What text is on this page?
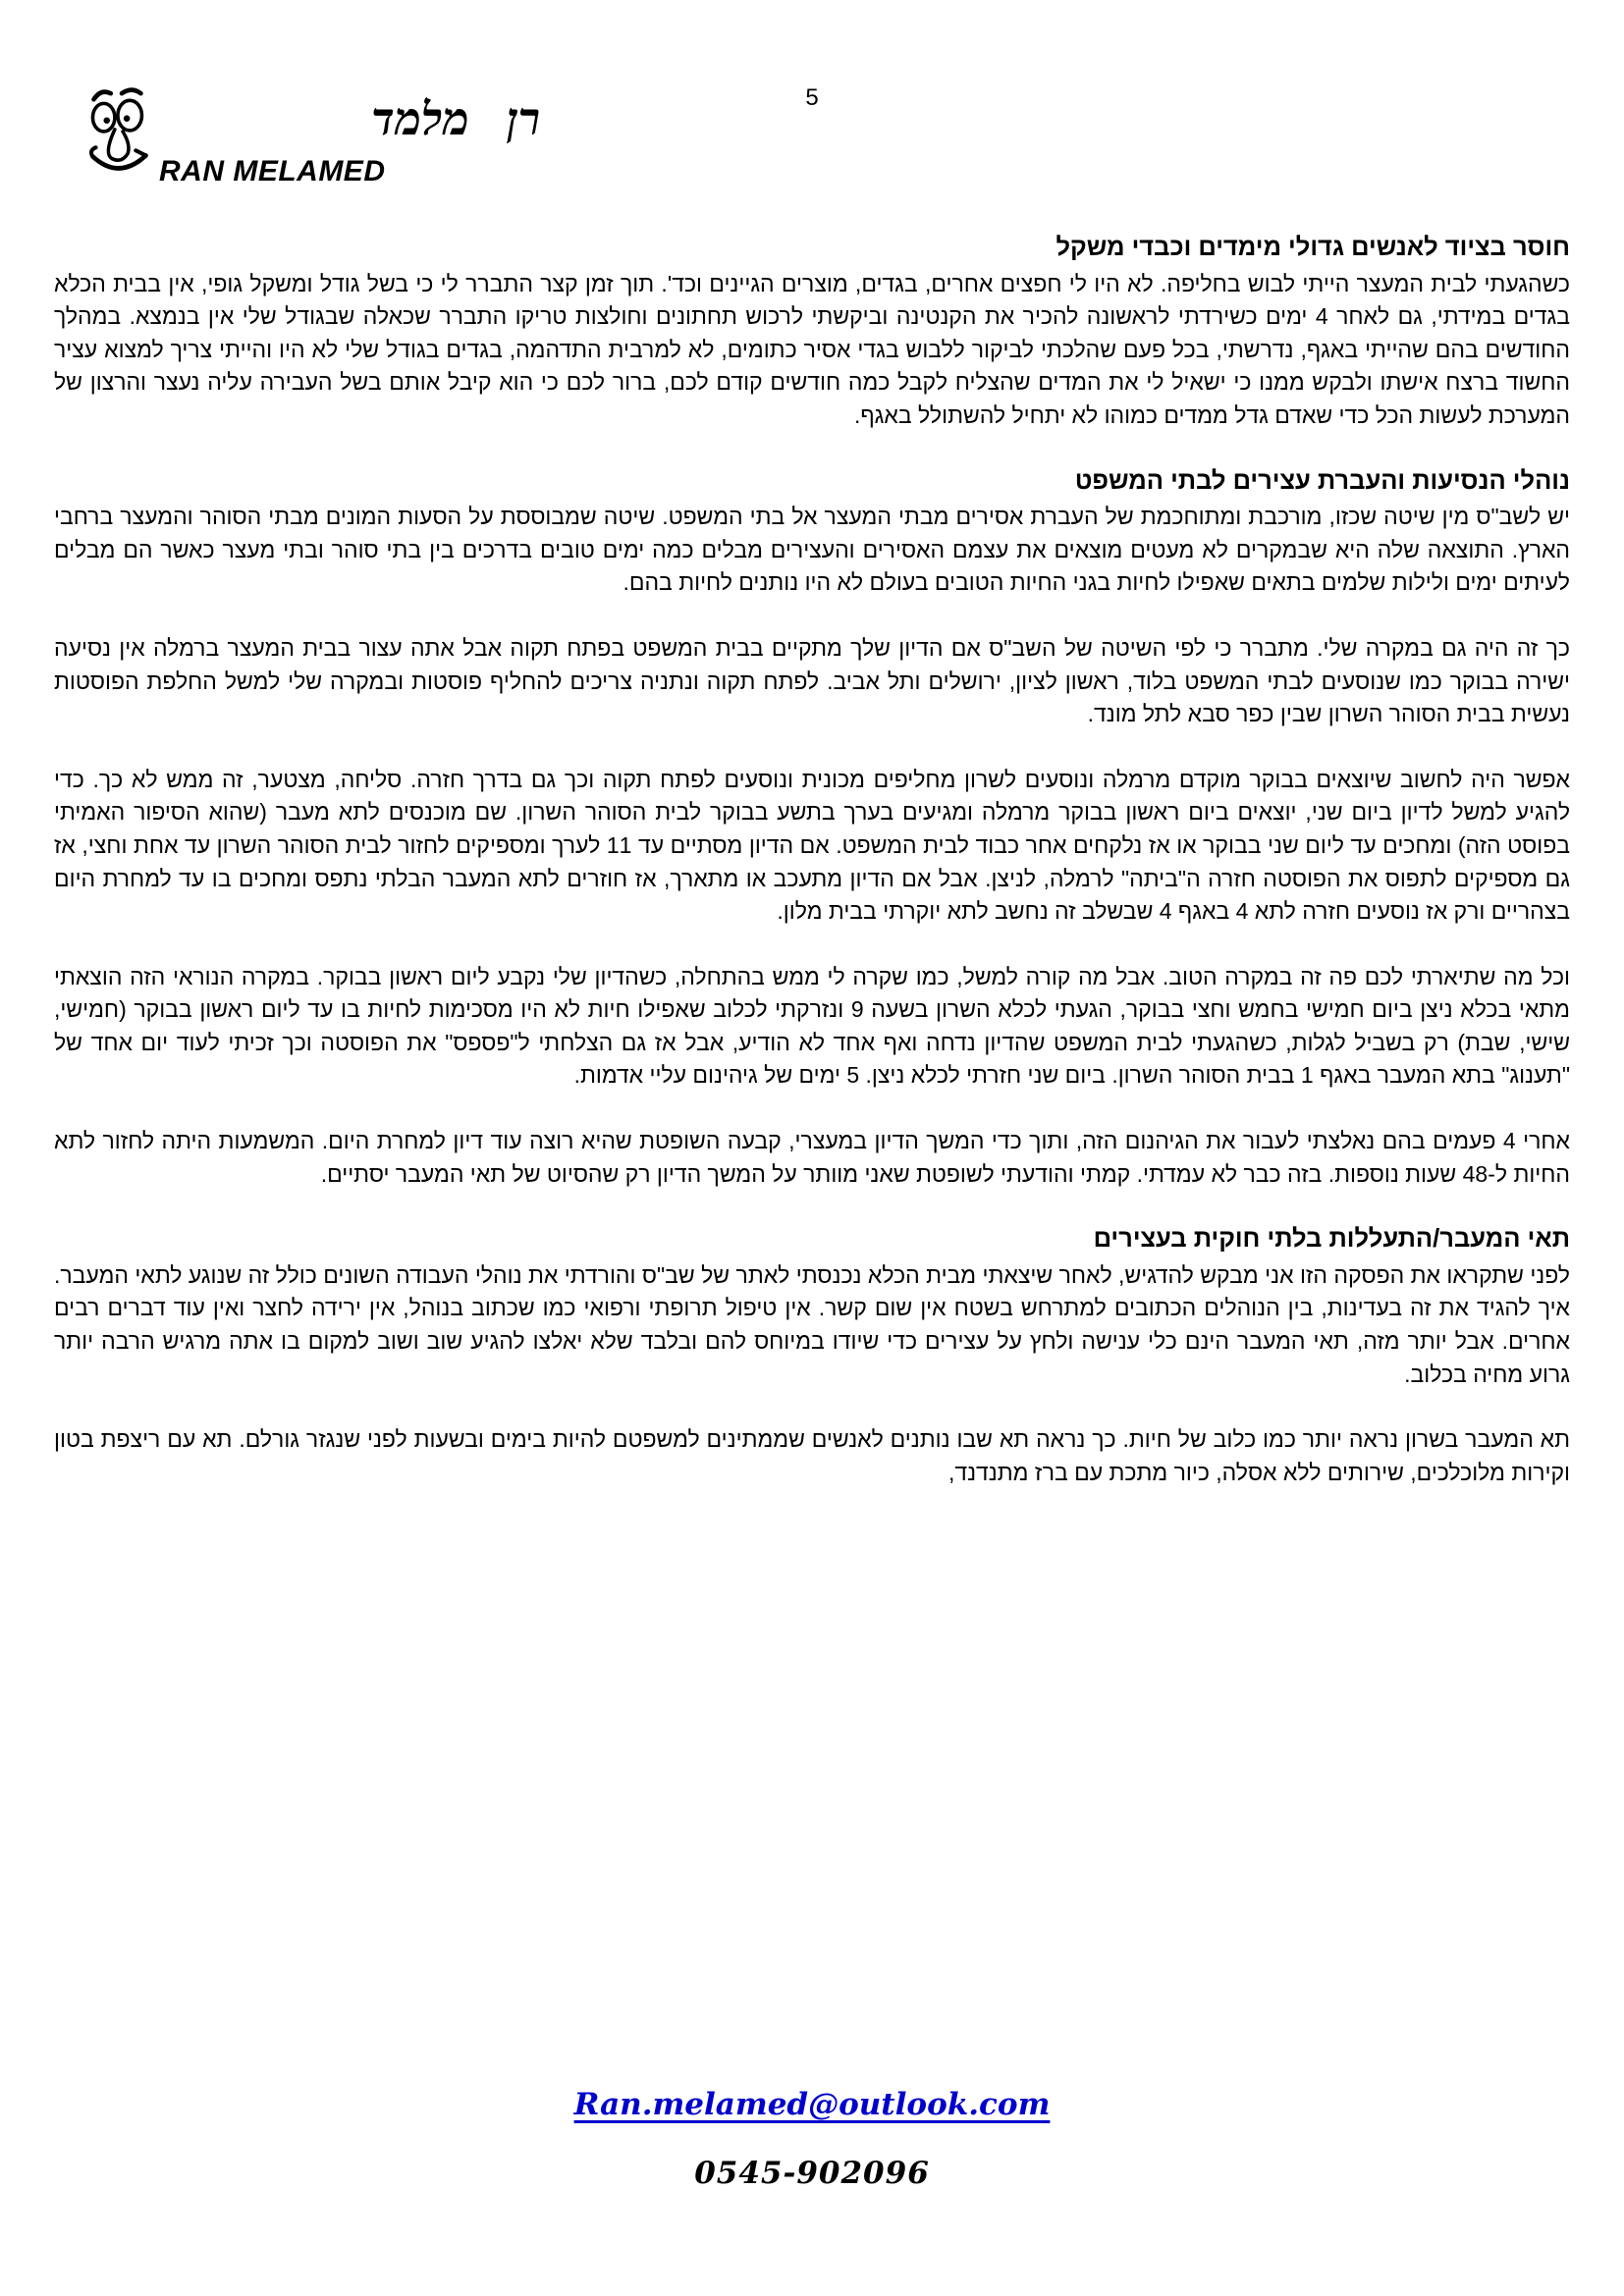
5
רן מלמד
RAN MELAMED
חוסר בציוד לאנשים גדולי מימדים וכבדי משקל

כשהגעתי לבית המעצר הייתי לבוש בחליפה. לא היו לי חפצים אחרים, בגדים, מוצרים הגיינים וכד'. תוך זמן קצר התברר לי כי בשל גודל ומשקל גופי, אין בבית הכלא בגדים במידתי, גם לאחר 4 ימים כשירדתי לראשונה להכיר את הקנטינה וביקשתי לרכוש תחתונים וחולצות טריקו התברר שכאלה שבגודל שלי אין בנמצא. במהלך החודשים בהם שהייתי באגף, נדרשתי, בכל פעם שהלכתי לביקור ללבוש בגדי אסיר כתומים, לא למרבית התדהמה, בגדים בגודל שלי לא היו והייתי צריך למצוא עציר החשוד ברצח אישתו ולבקש ממנו כי ישאיל לי את המדים שהצליח לקבל כמה חודשים קודם לכם, ברור לכם כי הוא קיבל אותם בשל העבירה עליה נעצר והרצון של המערכת לעשות הכל כדי שאדם גדל ממדים כמוהו לא יתחיל להשתולל באגף.

נוהלי הנסיעות והעברת עצירים לבתי המשפט

יש לשב"ס מין שיטה שכזו, מורכבת ומתוחכמת של העברת אסירים מבתי המעצר אל בתי המשפט. שיטה שמבוססת על הסעות המונים מבתי הסוהר והמעצר ברחבי הארץ. התוצאה שלה היא שבמקרים לא מעטים מוצאים את עצמם האסירים והעצירים מבלים כמה ימים טובים בדרכים בין בתי סוהר ובתי מעצר כאשר הם מבלים לעיתים ימים ולילות שלמים בתאים שאפילו לחיות בגני החיות הטובים בעולם לא היו נותנים לחיות בהם.

כך זה היה גם במקרה שלי. מתברר כי לפי השיטה של השב"ס אם הדיון שלך מתקיים בבית המשפט בפתח תקוה אבל אתה עצור בבית המעצר ברמלה אין נסיעה ישירה בבוקר כמו שנוסעים לבתי המשפט בלוד, ראשון לציון, ירושלים ותל אביב. לפתח תקוה ונתניה צריכים להחליף פוסטות ובמקרה שלי למשל החלפת הפוסטות נעשית בבית הסוהר השרון שבין כפר סבא לתל מונד.

אפשר היה לחשוב שיוצאים בבוקר מוקדם מרמלה ונוסעים לשרון מחליפים מכונית ונוסעים לפתח תקוה וכך גם בדרך חזרה. סליחה, מצטער, זה ממש לא כך. כדי להגיע למשל לדיון ביום שני, יוצאים ביום ראשון בבוקר מרמלה ומגיעים בערך בתשע בבוקר לבית הסוהר השרון. שם מוכנסים לתא מעבר (שהוא הסיפור האמיתי בפוסט הזה) ומחכים עד ליום שני בבוקר או אז נלקחים אחר כבוד לבית המשפט. אם הדיון מסתיים עד 11 לערך ומספיקים לחזור לבית הסוהר השרון עד אחת וחצי, אז גם מספיקים לתפוס את הפוסטה חזרה ה"ביתה" לרמלה, לניצן. אבל אם הדיון מתעכב או מתארך, אז חוזרים לתא המעבר הבלתי נתפס ומחכים בו עד למחרת היום בצהריים ורק אז נוסעים חזרה לתא 4 באגף 4 שבשלב זה נחשב לתא יוקרתי בבית מלון.

וכל מה שתיארתי לכם פה זה במקרה הטוב. אבל מה קורה למשל, כמו שקרה לי ממש בהתחלה, כשהדיון שלי נקבע ליום ראשון בבוקר. במקרה הנוראי הזה הוצאתי מתאי בכלא ניצן ביום חמישי בחמש וחצי בבוקר, הגעתי לכלא השרון בשעה 9 ונזרקתי לכלוב שאפילו חיות לא היו מסכימות לחיות בו עד ליום ראשון בבוקר (חמישי, שישי, שבת) רק בשביל לגלות, כשהגעתי לבית המשפט שהדיון נדחה ואף אחד לא הודיע, אבל אז גם הצלחתי ל"פספס" את הפוסטה וכך זכיתי לעוד יום אחד של "תענוג" בתא המעבר באגף 1 בבית הסוהר השרון. ביום שני חזרתי לכלא ניצן. 5 ימים של גיהינום עליי אדמות.

אחרי 4 פעמים בהם נאלצתי לעבור את הגיהנום הזה, ותוך כדי המשך הדיון במעצרי, קבעה השופטת שהיא רוצה עוד דיון למחרת היום. המשמעות היתה לחזור לתא החיות ל-48 שעות נוספות. בזה כבר לא עמדתי. קמתי והודעתי לשופטת שאני מוותר על המשך הדיון רק שהסיוט של תאי המעבר יסתיים.

תאי המעבר/התעללות בלתי חוקית בעצירים

לפני שתקראו את הפסקה הזו אני מבקש להדגיש, לאחר שיצאתי מבית הכלא נכנסתי לאתר של שב"ס והורדתי את נוהלי העבודה השונים כולל זה שנוגע לתאי המעבר. איך להגיד את זה בעדינות, בין הנוהלים הכתובים למתרחש בשטח אין שום קשר. אין טיפול תרופתי ורפואי כמו שכתוב בנוהל, אין ירידה לחצר ואין עוד דברים רבים אחרים. אבל יותר מזה, תאי המעבר הינם כלי ענישה ולחץ על עצירים כדי שיודו במיוחס להם ובלבד שלא יאלצו להגיע שוב ושוב למקום בו אתה מרגיש הרבה יותר גרוע מחיה בכלוב.

תא המעבר בשרון נראה יותר כמו כלוב של חיות. כך נראה תא שבו נותנים לאנשים שממתינים למשפטם להיות בימים ובשעות לפני שנגזר גורלם. תא עם ריצפת בטון וקירות מלוכלכים, שירותים ללא אסלה, כיור מתכת עם ברז מתנדנד,

Ran.melamed@outlook.com
0545-902096
